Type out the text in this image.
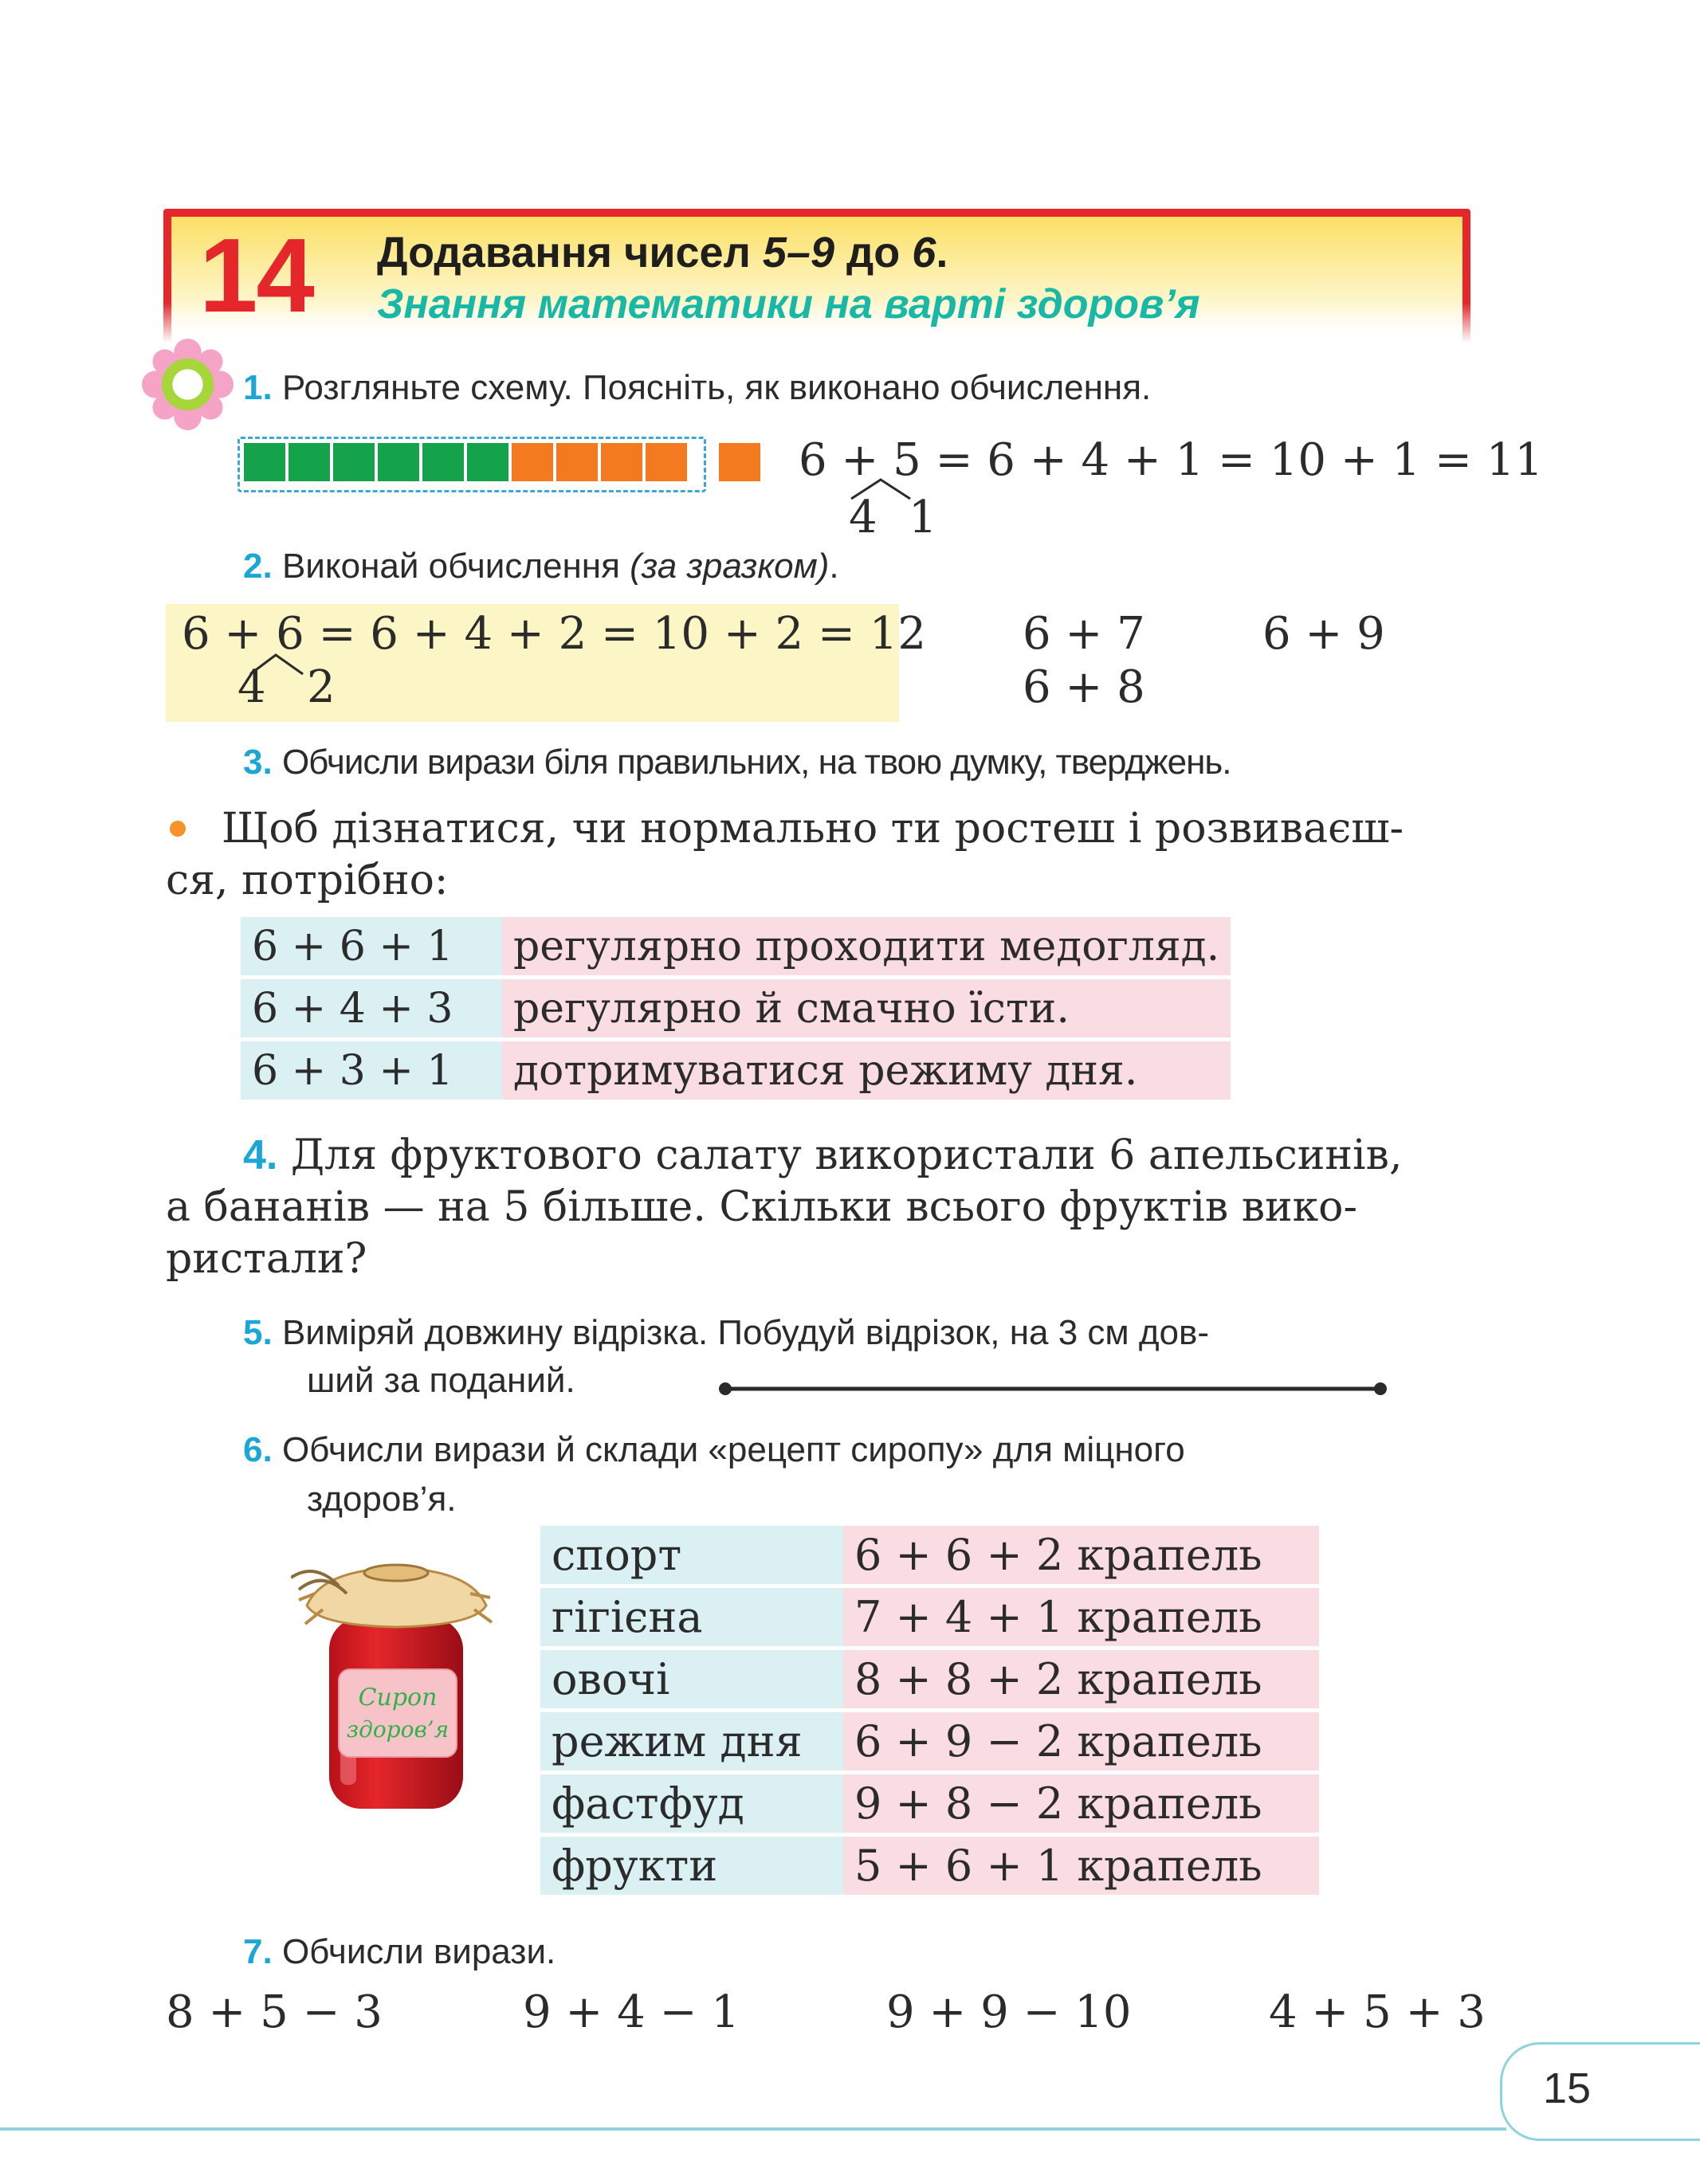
14 Додавання чисел 5–9 до 6.
Знання математики на варті здоров’я
1. Розгляньте схему. Поясніть, як виконано обчислення.
6 + 5 = 6 + 4 + 1 = 10 + 1 = 11
4 1
2. Виконай обчислення (за зразком).
6 + 6 = 6 + 4 + 2 = 10 + 2 = 12
4 2
6 + 7
6 + 8
6 + 9
3. Обчисли вирази біля правильних, на твою думку, тверджень.
Щоб дізнатися, чи нормально ти ростеш і розвиваєш-
ся, потрібно:
6 + 6 + 1	регулярно проходити медогляд.
6 + 4 + 3	регулярно й смачно їсти.
6 + 3 + 1	дотримуватися режиму дня.
4. Для фруктового салату використали 6 апельсинів,
а бананів — на 5 більше. Скільки всього фруктів вико-
ристали?
5. Виміряй довжину відрізка. Побудуй відрізок, на 3 см дов-
ший за поданий.
6. Обчисли вирази й склади «рецепт сиропу» для міцного
здоров’я.
Сироп
здоров’я
спорт	6 + 6 + 2 крапель
гігієна	7 + 4 + 1 крапель
овочі	8 + 8 + 2 крапель
режим дня	6 + 9 − 2 крапель
фастфуд	9 + 8 − 2 крапель
фрукти	5 + 6 + 1 крапель
7. Обчисли вирази.
8 + 5 − 3	9 + 4 − 1	9 + 9 − 10	4 + 5 + 3
15
